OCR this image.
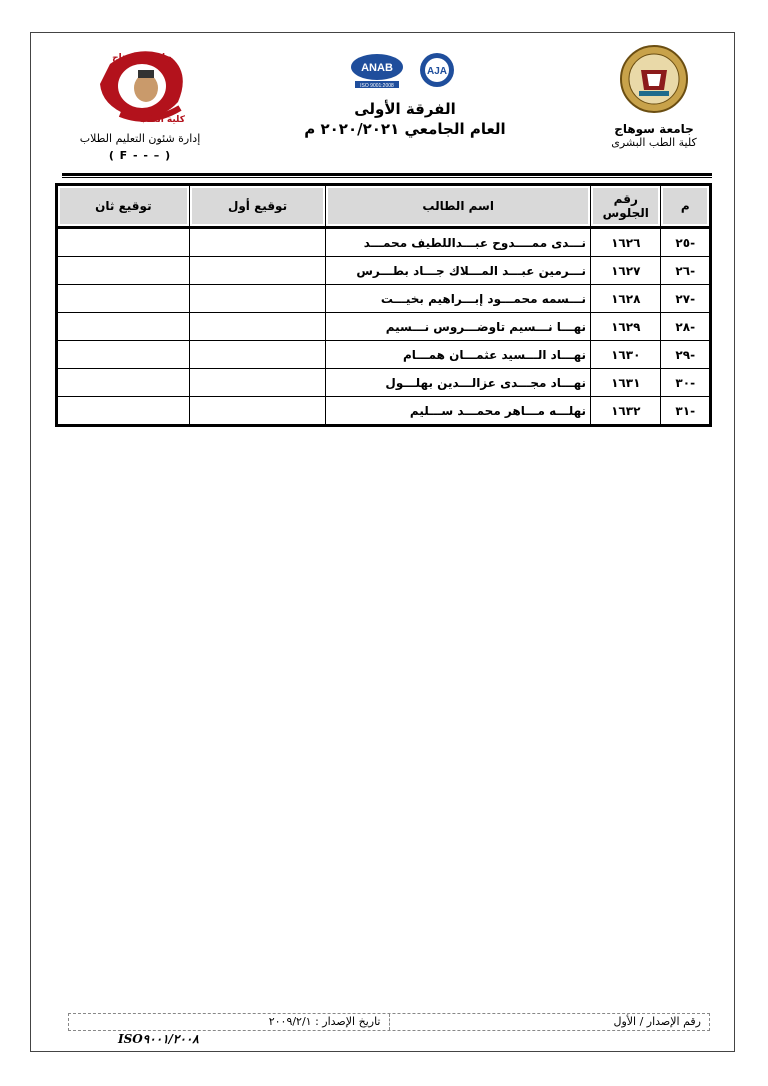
جامعة سوهاج
كلية الطب البشرى
ANAB
ISO 9001:2008
AJA
الفرقة الأولى
العام الجامعي ٢٠٢٠/٢٠٢١ م
جامعة سوهاج
كلية الطب
إدارة شئون التعليم الطلاب
( F - - – )
م	رقم الجلوس	اسم الطالب	توقيع أول	توقيع ثان
-٢٥	١٦٢٦	نـــدى ممــــدوح عبـــداللطيف محمـــد		
-٢٦	١٦٢٧	نـــرمين عبـــد المـــلاك جـــاد بطـــرس		
-٢٧	١٦٢٨	نـــسمه محمـــود إبـــراهيم بخيـــت		
-٢٨	١٦٢٩	نهـــا نـــسيم تاوضـــروس نـــسيم		
-٢٩	١٦٣٠	نهـــاد الـــسيد عثمـــان همـــام		
-٣٠	١٦٣١	نهـــاد مجـــدى عزالـــدين بهلـــول		
-٣١	١٦٣٢	نهلـــه مـــاهر محمـــد ســـليم		
رقم الإصدار / الأول
تاريخ الإصدار : ٢٠٠٩/٢/١
ISO٩٠٠١/٢٠٠٨
